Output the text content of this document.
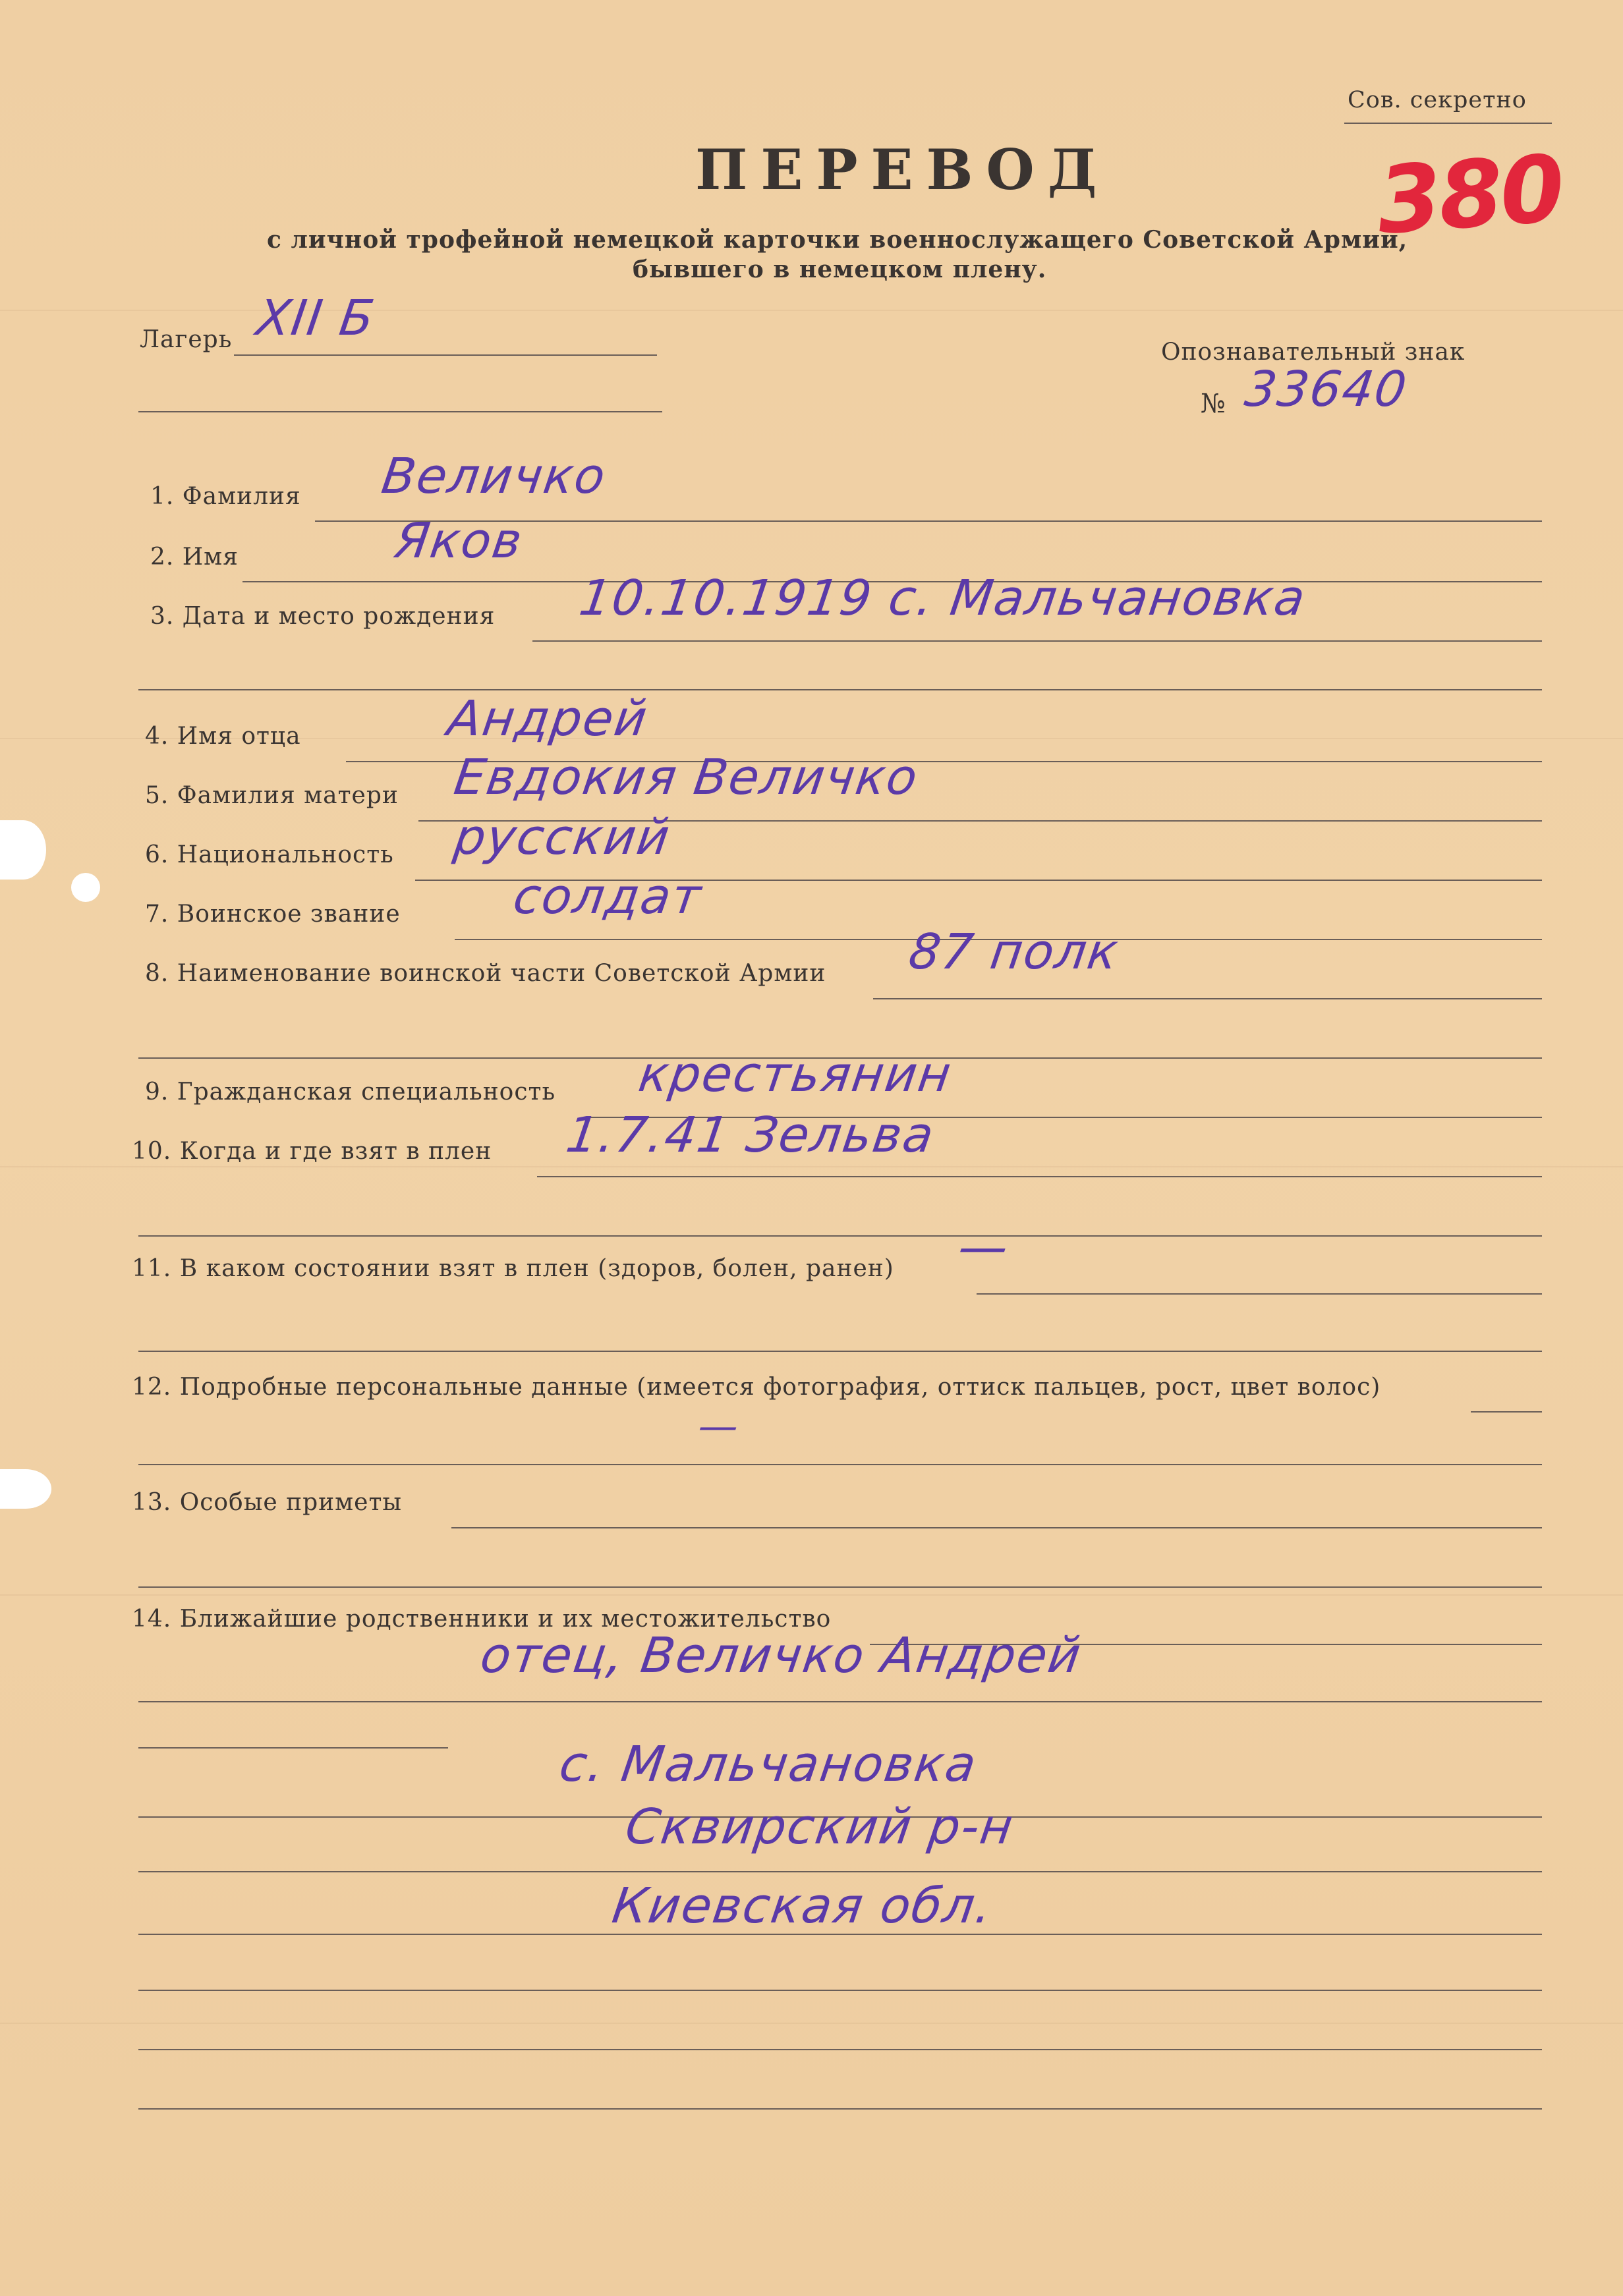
Сов. секретно
380
ПЕРЕВОД
с личной трофейной немецкой карточки военнослужащего Советской Армии,
бывшего в немецком плену.
Лагерь XII Б
Опознавательный знак
№ 33640
1. Фамилия Величко
2. Имя	Яков
3. Дата и место рождения 10.10.1919 с. Мальчановка
4. Имя отца	Андрей
5. Фамилия матери Евдокия Величко
6. Национальность русский
7. Воинское звание солдат
8. Наименование воинской части Советской Армии 87 полк
9. Гражданская специальность крестьянин
10. Когда и где взят в плен 1.7.41 Зельва
11. В каком состоянии взят в плен (здоров, болен, ранен) —
12. Подробные персональные данные (имеется фотография, оттиск пальцев, рост, цвет волос)
—
13. Особые приметы
14. Ближайшие родственники и их местожительство
отец, Величко Андрей
с. Мальчановка
Сквирский р-н
Киевская обл.
